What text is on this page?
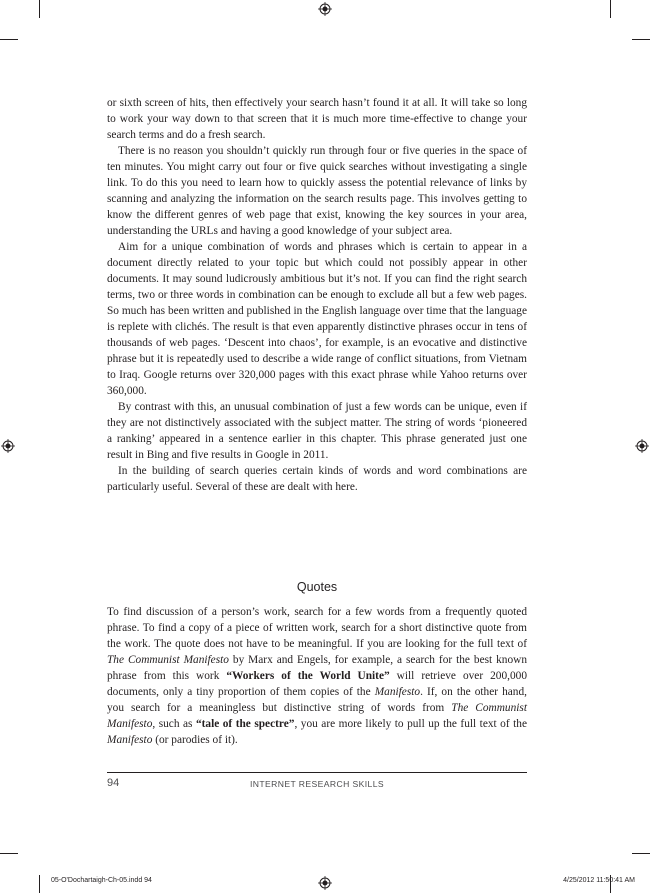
or sixth screen of hits, then effectively your search hasn’t found it at all. It will take so long to work your way down to that screen that it is much more time-effective to change your search terms and do a fresh search.

There is no reason you shouldn’t quickly run through four or five queries in the space of ten minutes. You might carry out four or five quick searches without investigating a single link. To do this you need to learn how to quickly assess the potential relevance of links by scanning and analyzing the information on the search results page. This involves getting to know the different genres of web page that exist, knowing the key sources in your area, understanding the URLs and having a good knowledge of your subject area.

Aim for a unique combination of words and phrases which is certain to appear in a document directly related to your topic but which could not possibly appear in other documents. It may sound ludicrously ambitious but it’s not. If you can find the right search terms, two or three words in combination can be enough to exclude all but a few web pages. So much has been written and published in the English language over time that the language is replete with clichés. The result is that even apparently distinctive phrases occur in tens of thousands of web pages. ‘Descent into chaos’, for example, is an evocative and distinctive phrase but it is repeatedly used to describe a wide range of conflict situations, from Vietnam to Iraq. Google returns over 320,000 pages with this exact phrase while Yahoo returns over 360,000.

By contrast with this, an unusual combination of just a few words can be unique, even if they are not distinctively associated with the subject matter. The string of words ‘pioneered a ranking’ appeared in a sentence earlier in this chapter. This phrase generated just one result in Bing and five results in Google in 2011.

In the building of search queries certain kinds of words and word combinations are particularly useful. Several of these are dealt with here.

Quotes

To find discussion of a person’s work, search for a few words from a frequently quoted phrase. To find a copy of a piece of written work, search for a short distinctive quote from the work. The quote does not have to be meaningful. If you are looking for the full text of The Communist Manifesto by Marx and Engels, for example, a search for the best known phrase from this work “Workers of the World Unite” will retrieve over 200,000 documents, only a tiny proportion of them copies of the Manifesto. If, on the other hand, you search for a meaningless but distinctive string of words from The Communist Manifesto, such as “tale of the spectre”, you are more likely to pull up the full text of the Manifesto (or parodies of it).

94	INTERNET RESEARCH SKILLS
05-O'Dochartaigh-Ch-05.indd 94	4/25/2012 11:50:41 AM
